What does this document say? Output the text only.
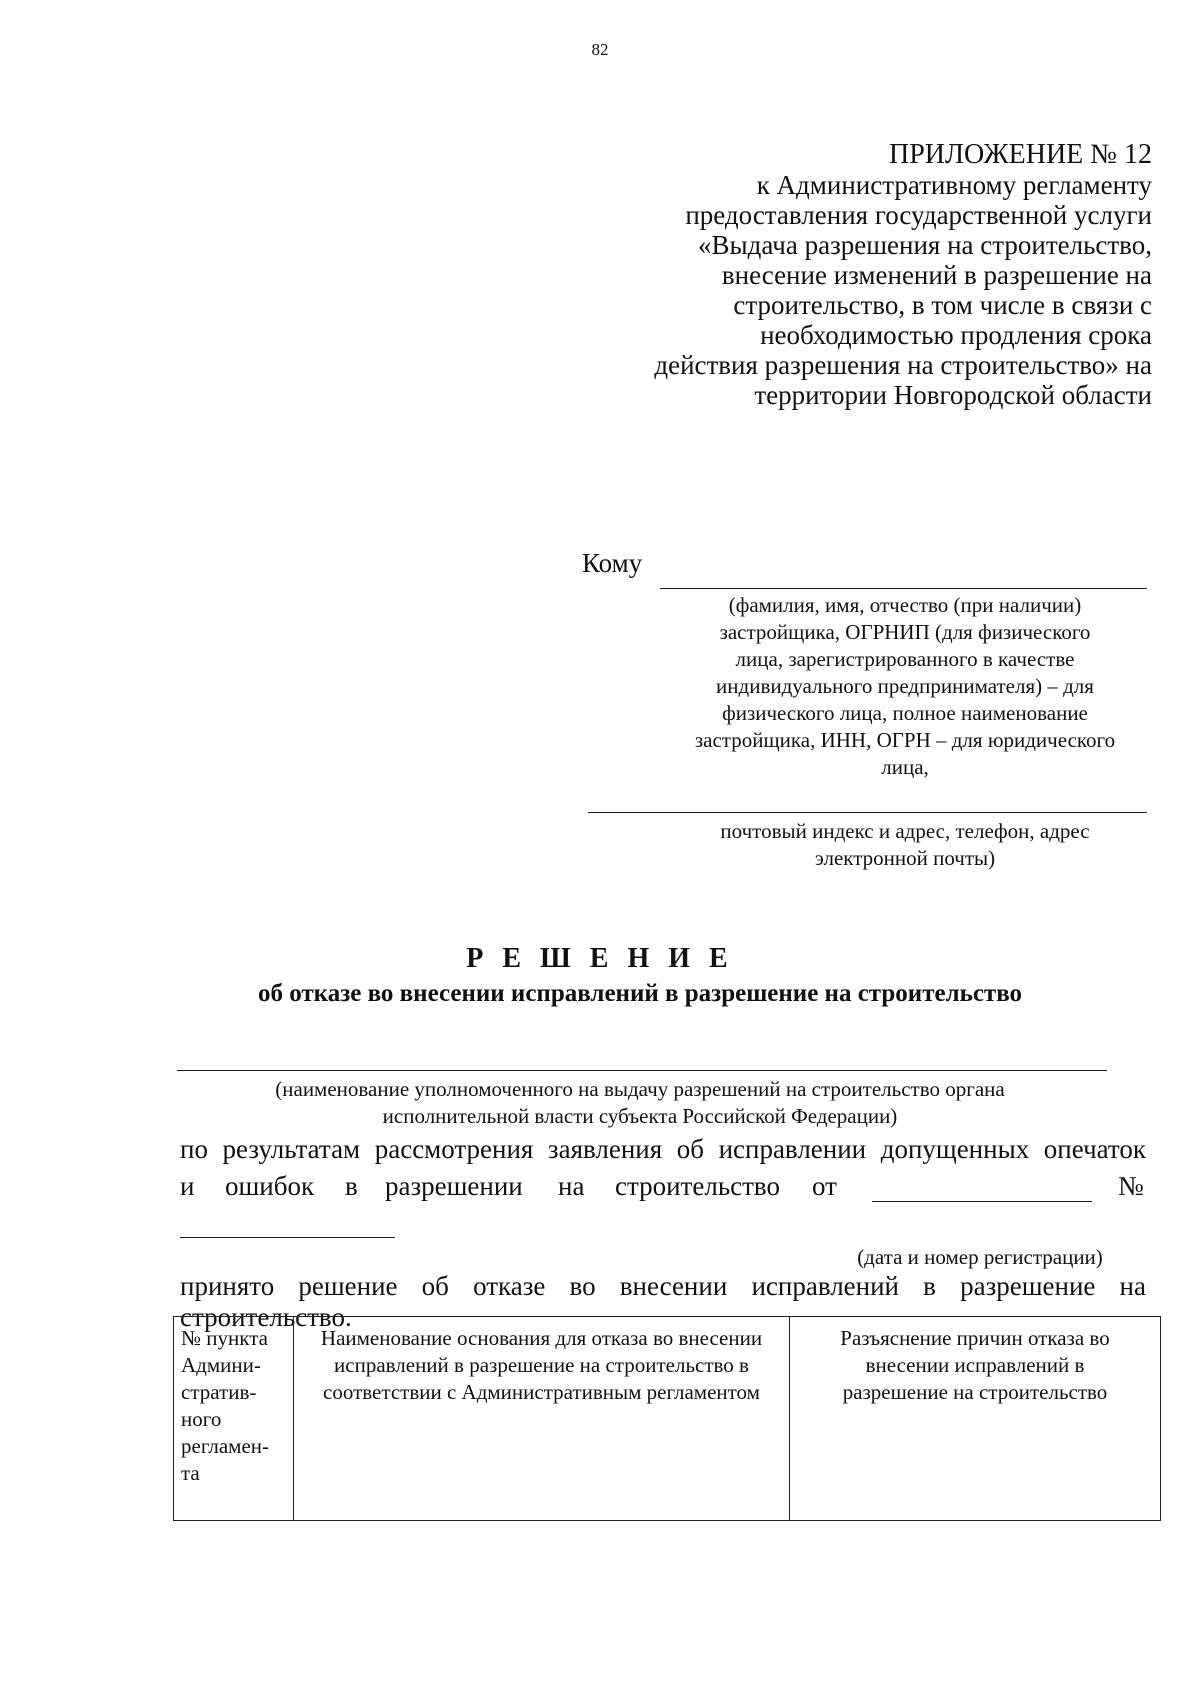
82
ПРИЛОЖЕНИЕ № 12
к Административному регламенту
предоставления государственной услуги
«Выдача разрешения на строительство,
внесение изменений в разрешение на
строительство, в том числе в связи с
необходимостью продления срока
действия разрешения на строительство» на
территории Новгородской области
Кому
(фамилия, имя, отчество (при наличии)
застройщика, ОГРНИП (для физического
лица, зарегистрированного в качестве
индивидуального предпринимателя) – для
физического лица, полное наименование
застройщика, ИНН, ОГРН – для юридического
лица,
почтовый индекс и адрес, телефон, адрес
электронной почты)
Р Е Ш Е Н И Е
об отказе во внесении исправлений в разрешение на строительство
(наименование уполномоченного на выдачу разрешений на строительство органа
исполнительной власти субъекта Российской Федерации)
по результатам рассмотрения заявления об исправлении допущенных опечаток
и ошибок в разрешении на строительство от	№
(дата и номер регистрации)
принято решение об отказе во внесении исправлений в разрешение на
строительство.
№ пункта Админи-стратив-ного регламен-та	Наименование основания для отказа во внесении исправлений в разрешение на строительство в соответствии с Административным регламентом	Разъяснение причин отказа во внесении исправлений в разрешение на строительство
